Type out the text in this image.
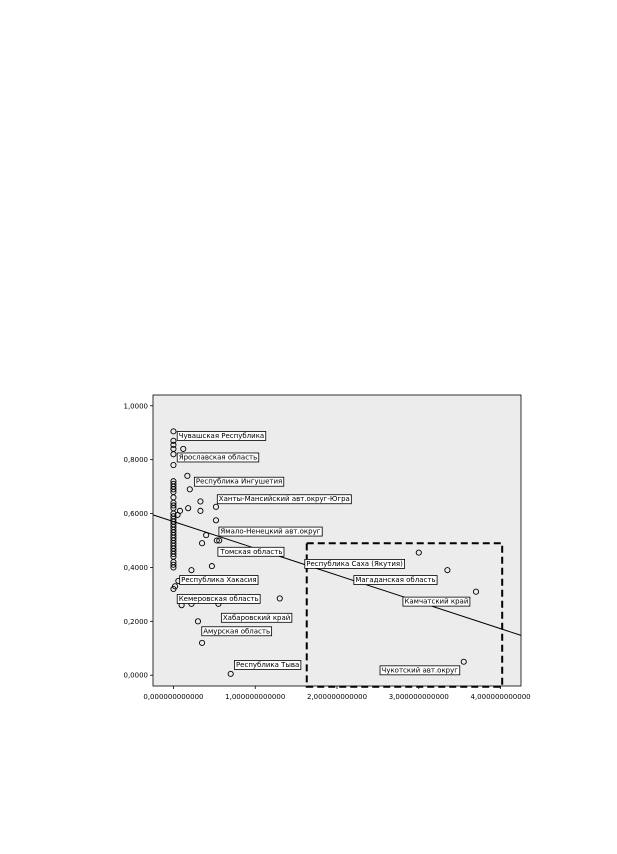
0,0000
0,2000
0,4000
0,6000
0,8000
1,0000
0,000000000000	1,000000000000	2,000000000000	3,000000000000	4,000000000000
Чувашская Республика
Ярославская область
Республика Ингушетия
Ханты-Мансийский авт.округ-Югра
Ямало-Ненецкий авт.округ
Томская область
Республика Саха (Якутия)
Магаданская область
Камчатский край
Республика Хакасия
Кемеровская область
Хабаровский край
Амурская область
Республика Тыва
Чукотский авт.округ
